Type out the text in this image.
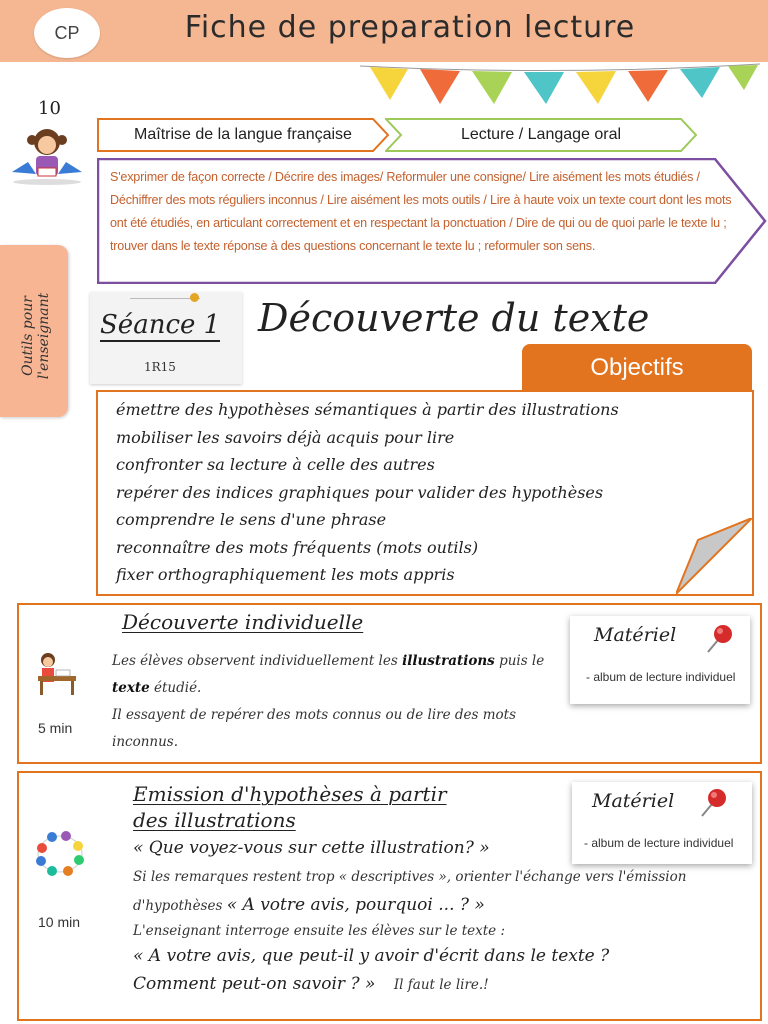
CP	Fiche de preparation lecture
10
Maîtrise de la langue française	Lecture / Langage oral
S'exprimer de façon correcte / Décrire des images/ Reformuler une consigne/ Lire aisément les mots étudiés / Déchiffrer des mots réguliers inconnus / Lire aisément les mots outils / Lire à haute voix un texte court dont les mots ont été étudiés, en articulant correctement et en respectant la ponctuation / Dire de qui ou de quoi parle le texte lu ; trouver dans le texte réponse à des questions concernant le texte lu ; reformuler son sens.
Outils pour l'enseignant Séance 1
1R15
Découverte du texte
Objectifs
émettre des hypothèses sémantiques à partir des illustrations
mobiliser les savoirs déjà acquis pour lire
confronter sa lecture à celle des autres
repérer des indices graphiques pour valider des hypothèses
comprendre le sens d'une phrase
reconnaître des mots fréquents (mots outils)
fixer orthographiquement les mots appris
Découverte individuelle
5 min
Les élèves observent individuellement les illustrations puis le texte étudié.
Il essayent de repérer des mots connus ou de lire des mots inconnus.
Matériel
- album de lecture individuel
Emission d'hypothèses à partir
des illustrations
10 min
« Que voyez-vous sur cette illustration? »
Si les remarques restent trop « descriptives », orienter l'échange vers l'émission
d'hypothèses « A votre avis, pourquoi ... ? »
L'enseignant interroge ensuite les élèves sur le texte :
« A votre avis, que peut-il y avoir d'écrit dans le texte ?
Comment peut-on savoir ? » Il faut le lire.!
Matériel
- album de lecture individuel
